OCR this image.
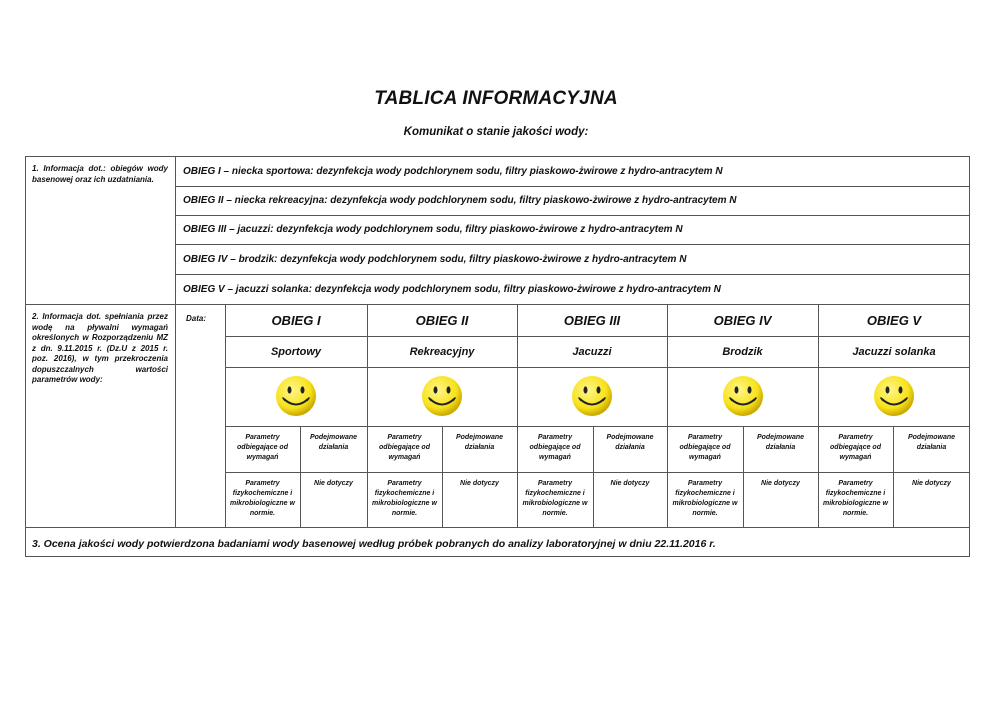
TABLICA INFORMACYJNA
Komunikat o stanie jakości wody:
1. Informacja dot.: obiegów wody basenowej oraz ich uzdatniania.
OBIEG I – niecka sportowa: dezynfekcja wody podchlorynem sodu, filtry piaskowo-żwirowe z hydro-antracytem N
OBIEG II – niecka rekreacyjna: dezynfekcja wody podchlorynem sodu, filtry piaskowo-żwirowe z hydro-antracytem N
OBIEG III – jacuzzi: dezynfekcja wody podchlorynem sodu, filtry piaskowo-żwirowe z hydro-antracytem N
OBIEG IV – brodzik: dezynfekcja wody podchlorynem sodu, filtry piaskowo-żwirowe z hydro-antracytem N
OBIEG V – jacuzzi solanka: dezynfekcja wody podchlorynem sodu, filtry piaskowo-żwirowe z hydro-antracytem N
2. Informacja dot. spełniania przez wodę na pływalni wymagań określonych w Rozporządzeniu MZ z dn. 9.11.2015 r. (Dz.U z 2015 r. poz. 2016), w tym przekroczenia dopuszczalnych wartości parametrów wody:
Data:	OBIEG I
Sportowy
Parametry odbiegające od wymagań
Podejmowane działania
Parametry fizykochemiczne i mikrobiologiczne w normie.
Nie dotyczy
OBIEG II
Rekreacyjny
Parametry odbiegające od wymagań
Podejmowane działania
Parametry fizykochemiczne i mikrobiologiczne w normie.
Nie dotyczy
OBIEG III
Jacuzzi
Parametry odbiegające od wymagań
Podejmowane działania
Parametry fizykochemiczne i mikrobiologiczne w normie.
Nie dotyczy
OBIEG IV
Brodzik
Parametry odbiegające od wymagań
Podejmowane działania
Parametry fizykochemiczne i mikrobiologiczne w normie.
Nie dotyczy
OBIEG V
Jacuzzi solanka
Parametry odbiegające od wymagań
Podejmowane działania
Parametry fizykochemiczne i mikrobiologiczne w normie.
Nie dotyczy
3. Ocena jakości wody potwierdzona badaniami wody basenowej według próbek pobranych do analizy laboratoryjnej w dniu 22.11.2016 r.
